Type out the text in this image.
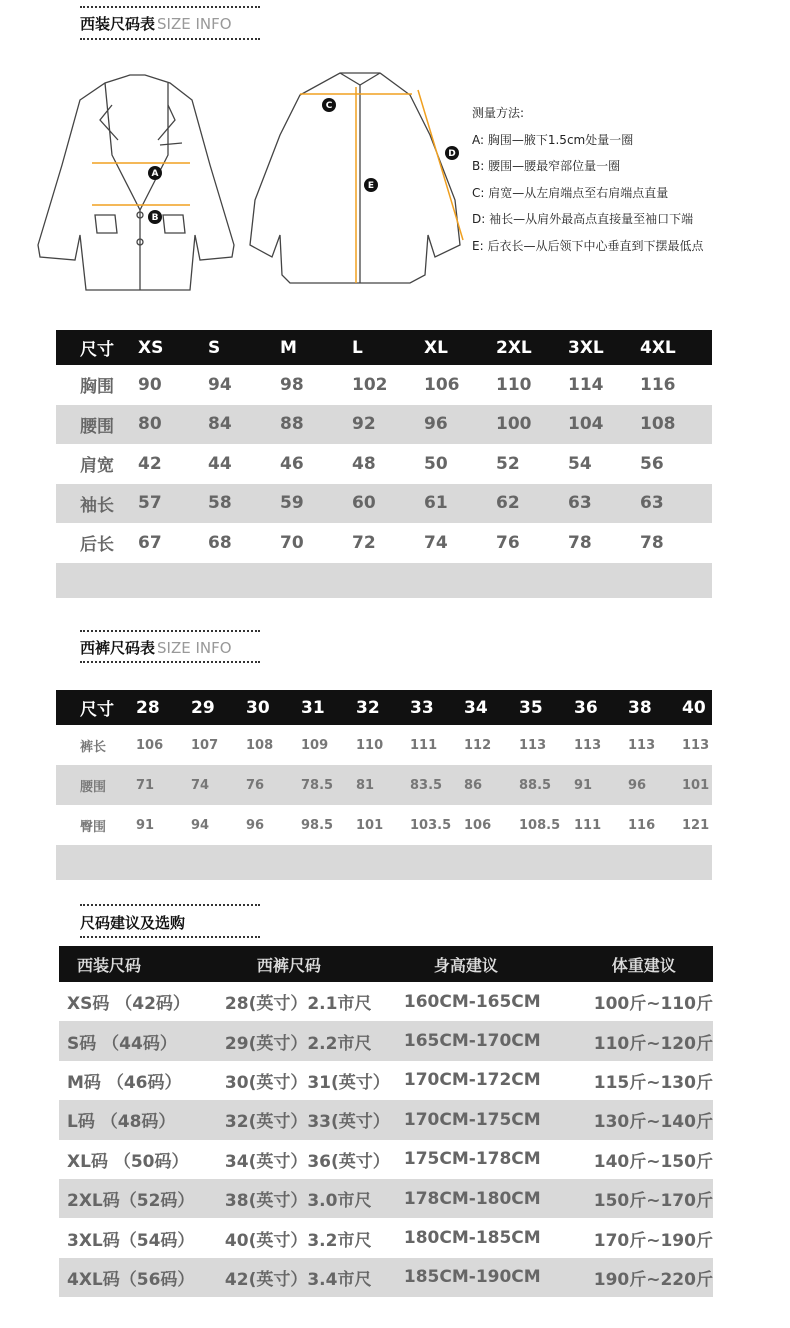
西装尺码表 SIZE INFO
A
B
C
D
E
测量方法:
A: 胸围—腋下1.5cm处量一圈
B: 腰围—腰最窄部位量一圈
C: 肩宽—从左肩端点至右肩端点直量
D: 袖长—从肩外最高点直接量至袖口下端
E: 后衣长—从后领下中心垂直到下摆最低点
尺寸	XS	S	M	L	XL	2XL	3XL	4XL
胸围	90	94	98	102	106	110	114	116
腰围	80	84	88	92	96	100	104	108
肩宽	42	44	46	48	50	52	54	56
袖长	57	58	59	60	61	62	63	63
后长	67	68	70	72	74	76	78	78

西裤尺码表 SIZE INFO
尺寸	28	29	30	31	32	33	34	35	36	38	40
裤长	106	107	108	109	110	111	112	113	113	113	113
腰围	71	74	76	78.5	81	83.5	86	88.5	91	96	101
臀围	91	94	96	98.5	101	103.5	106	108.5	111	116	121

尺码建议及选购
西装尺码	西裤尺码	身高建议	体重建议
XS码 （42码）	28(英寸）2.1市尺	160CM-165CM	100斤~110斤
S码 （44码）	29(英寸）2.2市尺	165CM-170CM	110斤~120斤
M码 （46码）	30(英寸）31(英寸）	170CM-172CM	115斤~130斤
L码 （48码）	32(英寸）33(英寸）	170CM-175CM	130斤~140斤
XL码 （50码）	34(英寸）36(英寸）	175CM-178CM	140斤~150斤
2XL码（52码）	38(英寸）3.0市尺	178CM-180CM	150斤~170斤
3XL码（54码）	40(英寸）3.2市尺	180CM-185CM	170斤~190斤
4XL码（56码）	42(英寸）3.4市尺	185CM-190CM	190斤~220斤
